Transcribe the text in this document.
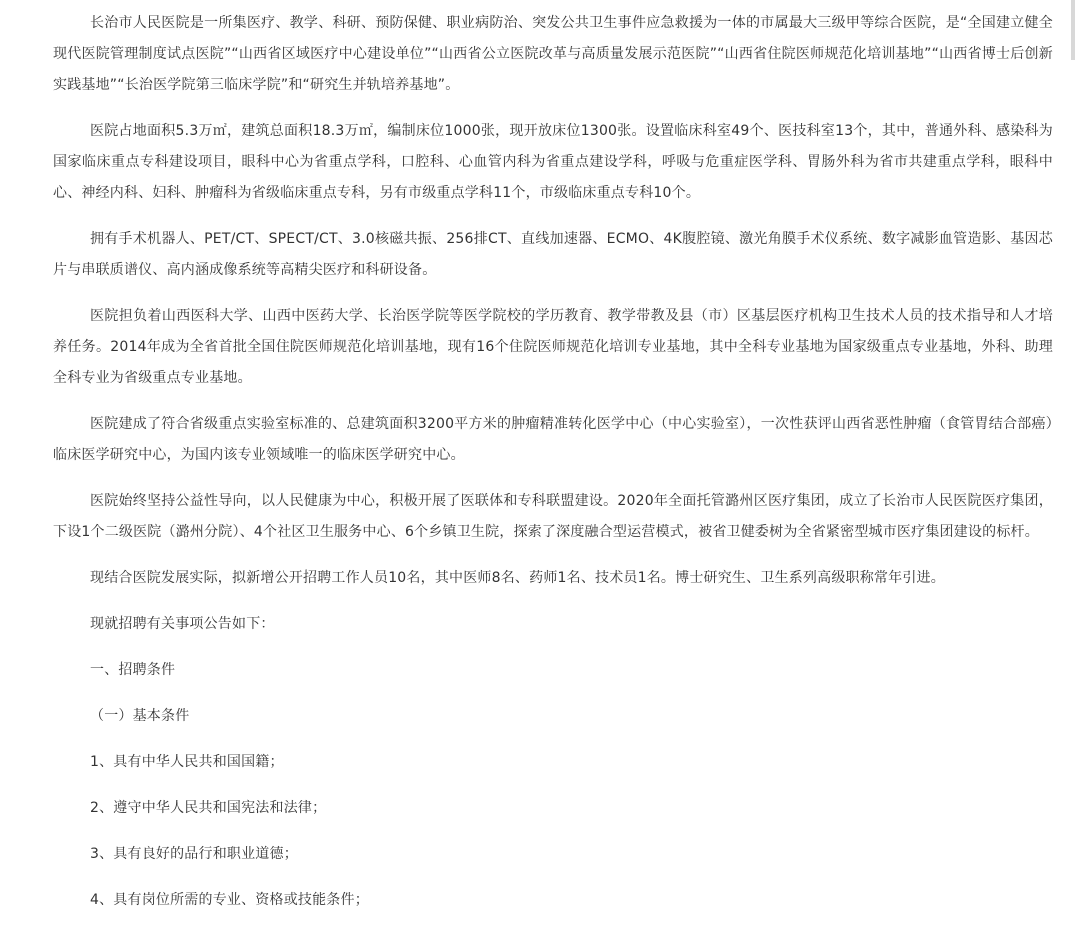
长治市人民医院是一所集医疗、教学、科研、预防保健、职业病防治、突发公共卫生事件应急救援为一体的市属最大三级甲等综合医院，是“全国建立健全现代医院管理制度试点医院”“山西省区域医疗中心建设单位”“山西省公立医院改革与高质量发展示范医院”“山西省住院医师规范化培训基地”“山西省博士后创新实践基地”“长治医学院第三临床学院”和“研究生并轨培养基地”。

医院占地面积5.3万㎡，建筑总面积18.3万㎡，编制床位1000张，现开放床位1300张。设置临床科室49个、医技科室13个，其中，普通外科、感染科为国家临床重点专科建设项目，眼科中心为省重点学科，口腔科、心血管内科为省重点建设学科，呼吸与危重症医学科、胃肠外科为省市共建重点学科，眼科中心、神经内科、妇科、肿瘤科为省级临床重点专科，另有市级重点学科11个，市级临床重点专科10个。

拥有手术机器人、PET/CT、SPECT/CT、3.0核磁共振、256排CT、直线加速器、ECMO、4K腹腔镜、激光角膜手术仪系统、数字减影血管造影、基因芯片与串联质谱仪、高内涵成像系统等高精尖医疗和科研设备。

医院担负着山西医科大学、山西中医药大学、长治医学院等医学院校的学历教育、教学带教及县（市）区基层医疗机构卫生技术人员的技术指导和人才培养任务。2014年成为全省首批全国住院医师规范化培训基地，现有16个住院医师规范化培训专业基地，其中全科专业基地为国家级重点专业基地，外科、助理全科专业为省级重点专业基地。

医院建成了符合省级重点实验室标准的、总建筑面积3200平方米的肿瘤精准转化医学中心（中心实验室），一次性获评山西省恶性肿瘤（食管胃结合部癌）临床医学研究中心，为国内该专业领域唯一的临床医学研究中心。

医院始终坚持公益性导向，以人民健康为中心，积极开展了医联体和专科联盟建设。2020年全面托管潞州区医疗集团，成立了长治市人民医院医疗集团，下设1个二级医院（潞州分院）、4个社区卫生服务中心、6个乡镇卫生院，探索了深度融合型运营模式，被省卫健委树为全省紧密型城市医疗集团建设的标杆。

现结合医院发展实际，拟新增公开招聘工作人员10名，其中医师8名、药师1名、技术员1名。博士研究生、卫生系列高级职称常年引进。

现就招聘有关事项公告如下：

一、招聘条件

（一）基本条件

1、具有中华人民共和国国籍；

2、遵守中华人民共和国宪法和法律；

3、具有良好的品行和职业道德；

4、具有岗位所需的专业、资格或技能条件；
